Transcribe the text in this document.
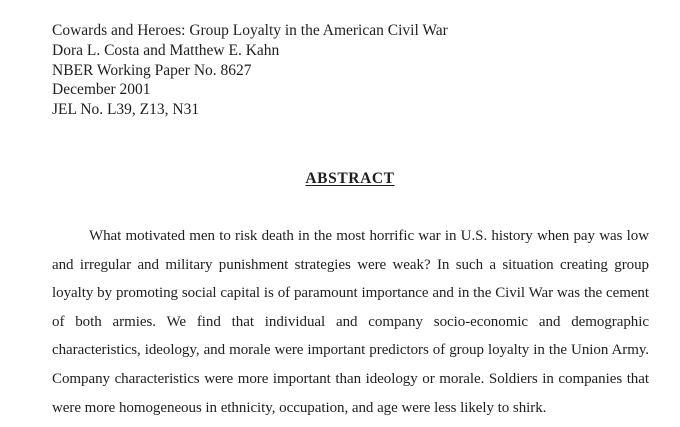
Cowards and Heroes: Group Loyalty in the American Civil War
Dora L. Costa and Matthew E. Kahn
NBER Working Paper No. 8627
December 2001
JEL No. L39, Z13, N31
ABSTRACT
What motivated men to risk death in the most horrific war in U.S. history when pay was low and irregular and military punishment strategies were weak? In such a situation creating group loyalty by promoting social capital is of paramount importance and in the Civil War was the cement of both armies. We find that individual and company socio-economic and demographic characteristics, ideology, and morale were important predictors of group loyalty in the Union Army. Company characteristics were more important than ideology or morale. Soldiers in companies that were more homogeneous in ethnicity, occupation, and age were less likely to shirk.
